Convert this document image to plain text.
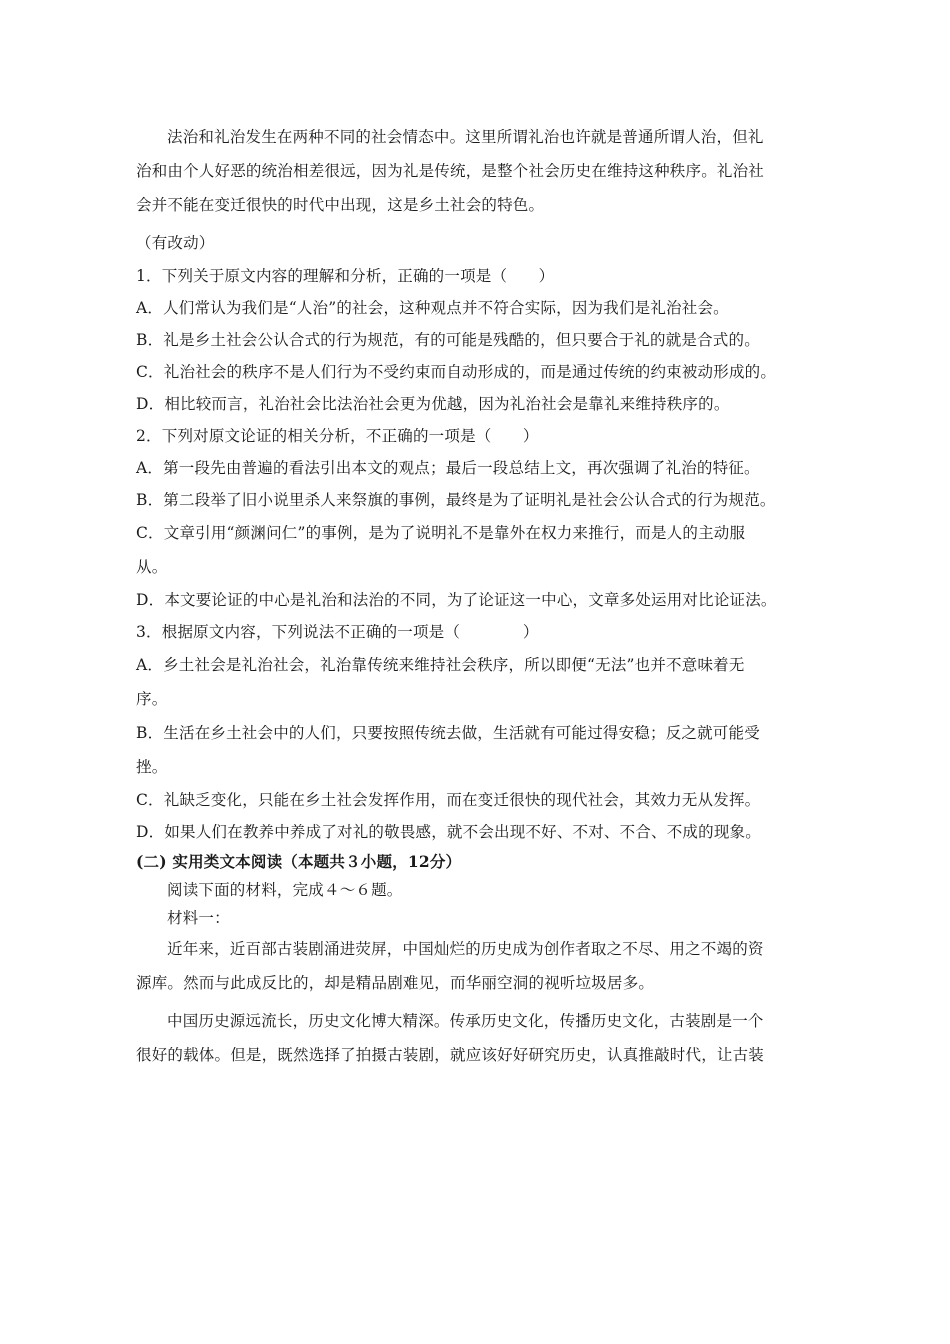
法治和礼治发生在两种不同的社会情态中。这里所谓礼治也许就是普通所谓人治，但礼
治和由个人好恶的统治相差很远，因为礼是传统，是整个社会历史在维持这种秩序。礼治社
会并不能在变迁很快的时代中出现，这是乡土社会的特色。
（有改动）
1．下列关于原文内容的理解和分析，正确的一项是（　　）
A．人们常认为我们是“人治”的社会，这种观点并不符合实际，因为我们是礼治社会。
B．礼是乡土社会公认合式的行为规范，有的可能是残酷的，但只要合于礼的就是合式的。
C．礼治社会的秩序不是人们行为不受约束而自动形成的，而是通过传统的约束被动形成的。
D．相比较而言，礼治社会比法治社会更为优越，因为礼治社会是靠礼来维持秩序的。
2．下列对原文论证的相关分析，不正确的一项是（　　）
A．第一段先由普遍的看法引出本文的观点；最后一段总结上文，再次强调了礼治的特征。
B．第二段举了旧小说里杀人来祭旗的事例，最终是为了证明礼是社会公认合式的行为规范。
C．文章引用“颜渊问仁”的事例，是为了说明礼不是靠外在权力来推行，而是人的主动服
从。
D．本文要论证的中心是礼治和法治的不同，为了论证这一中心，文章多处运用对比论证法。
3．根据原文内容，下列说法不正确的一项是（　　　　）
A．乡土社会是礼治社会，礼治靠传统来维持社会秩序，所以即便“无法”也并不意味着无
序。
B．生活在乡土社会中的人们，只要按照传统去做，生活就有可能过得安稳；反之就可能受
挫。
C．礼缺乏变化，只能在乡土社会发挥作用，而在变迁很快的现代社会，其效力无从发挥。
D．如果人们在教养中养成了对礼的敬畏感，就不会出现不好、不对、不合、不成的现象。
(二) 实用类文本阅读（本题共３小题，12分）
阅读下面的材料，完成４～６题。
材料一：
近年来，近百部古装剧涌进荧屏，中国灿烂的历史成为创作者取之不尽、用之不竭的资
源库。然而与此成反比的，却是精品剧难见，而华丽空洞的视听垃圾居多。
中国历史源远流长，历史文化博大精深。传承历史文化，传播历史文化，古装剧是一个
很好的载体。但是，既然选择了拍摄古装剧，就应该好好研究历史，认真推敲时代，让古装
